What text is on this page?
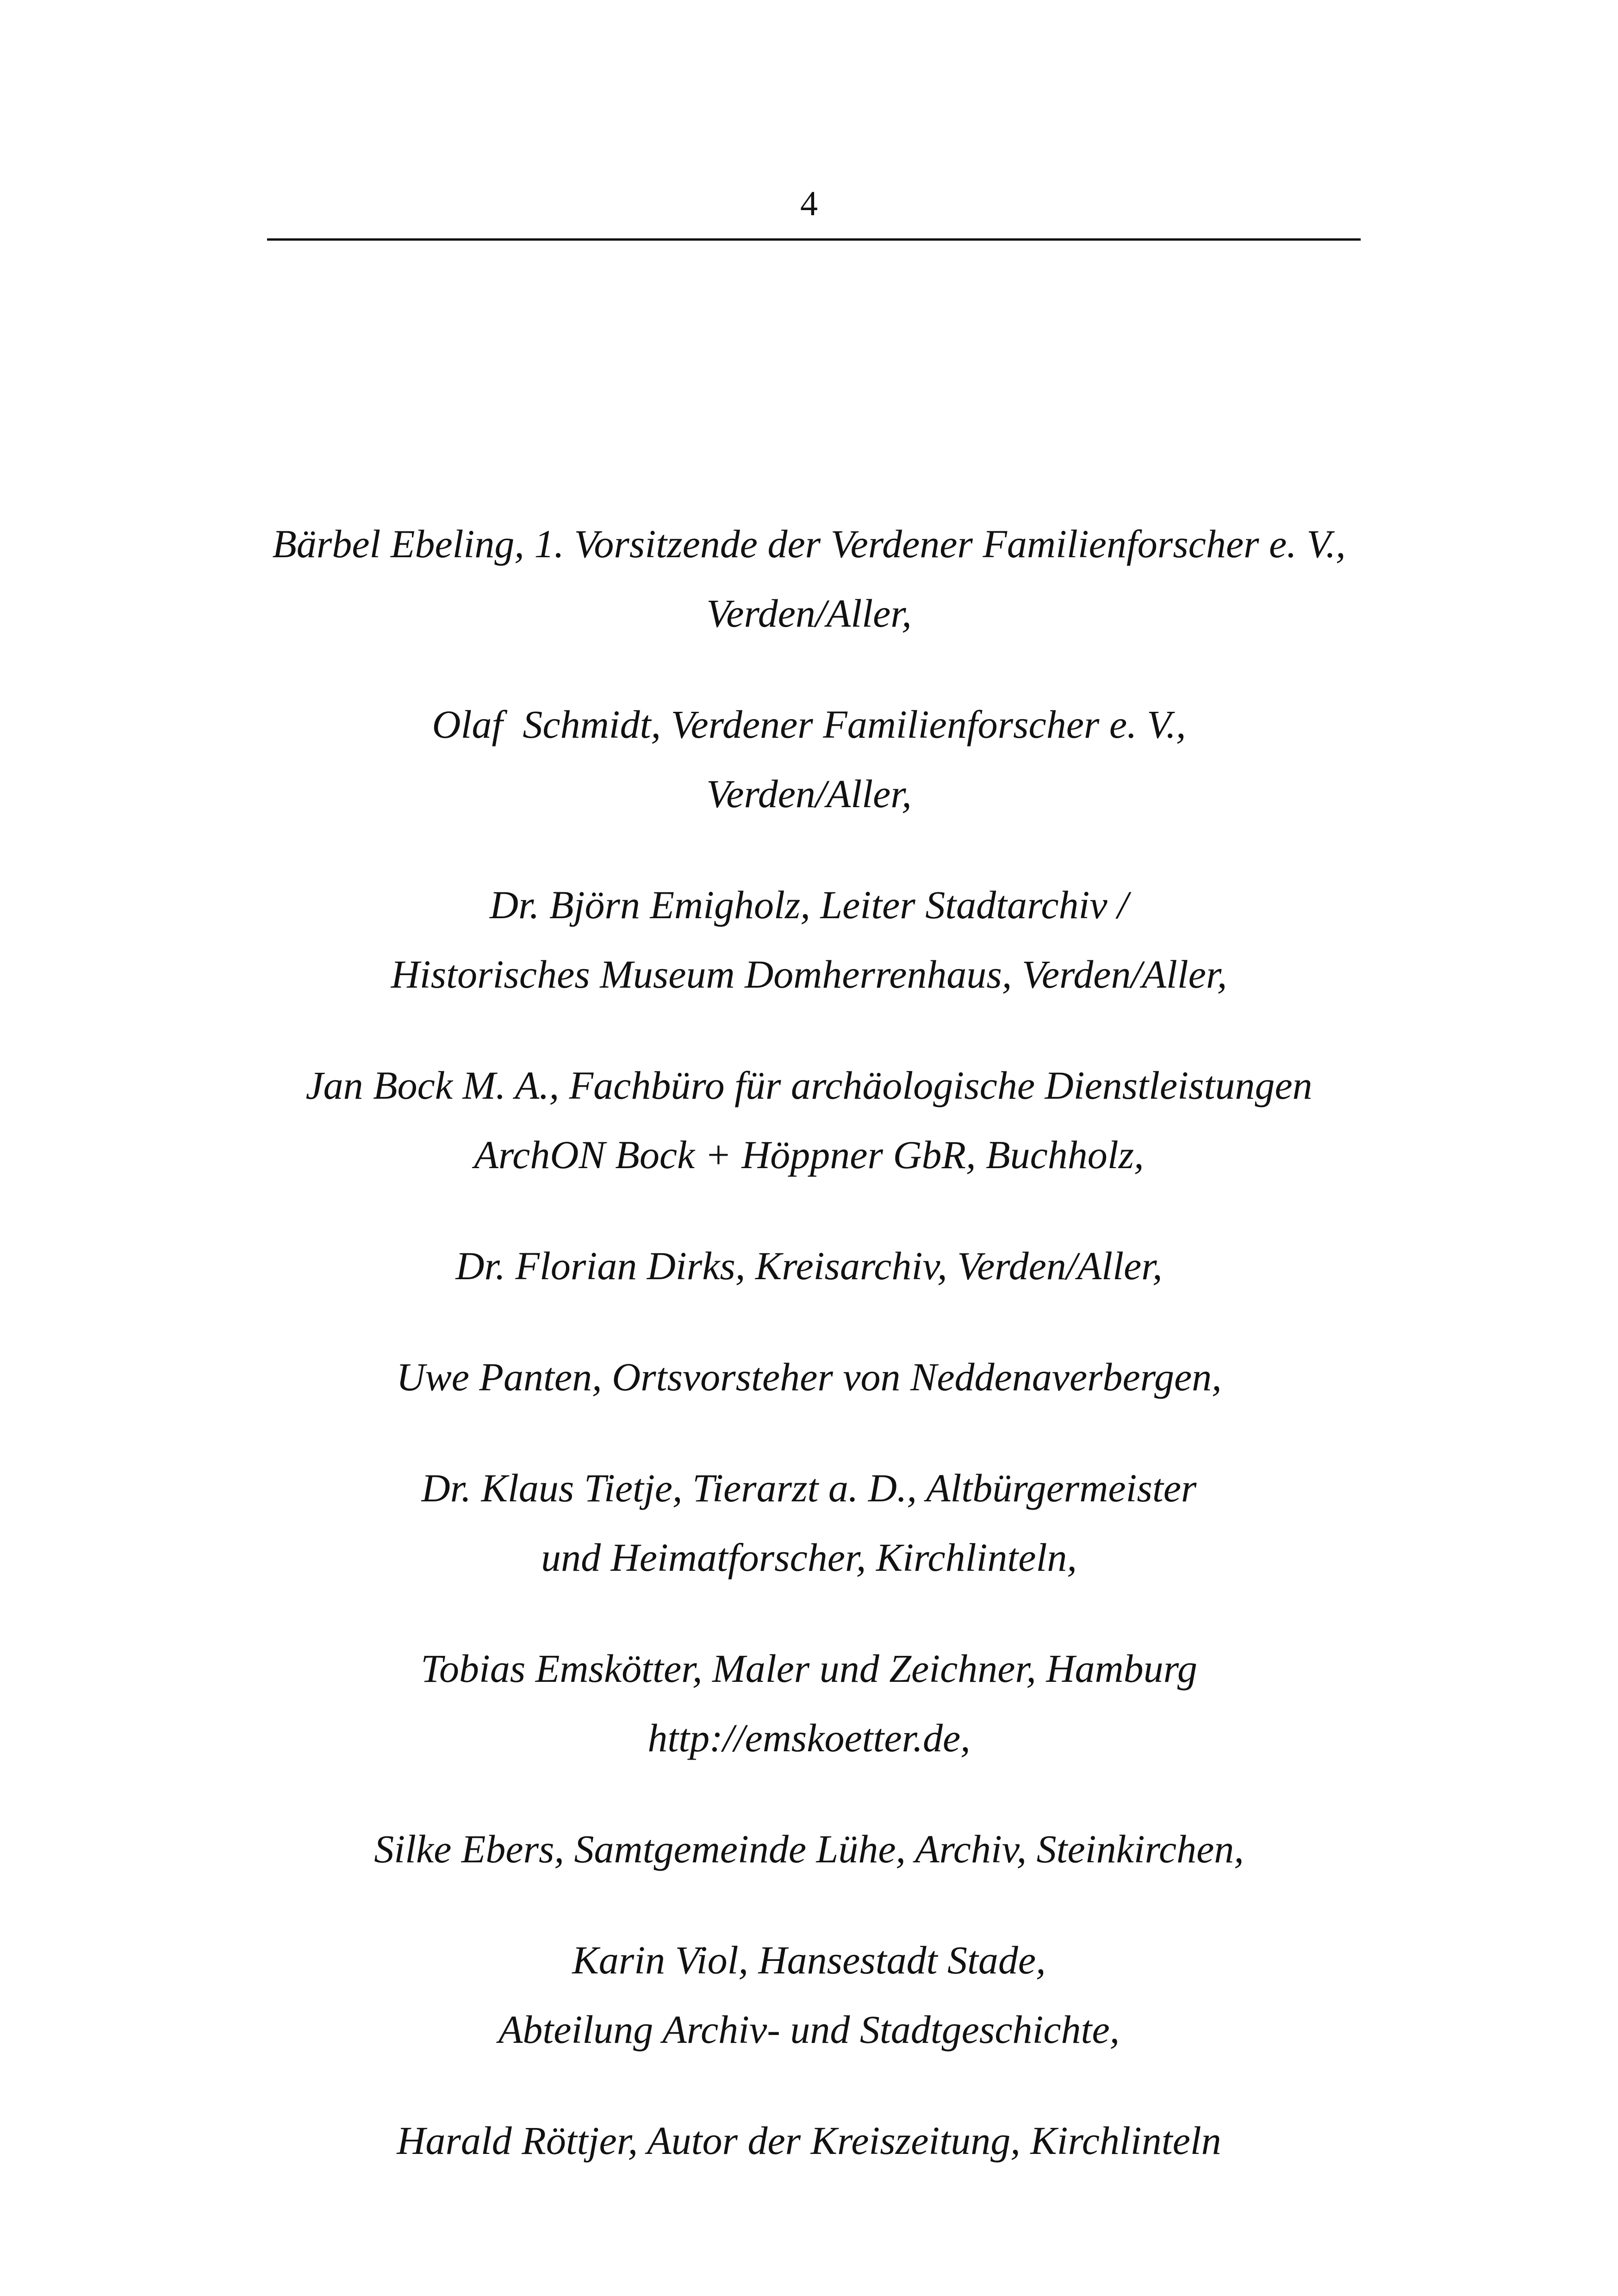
4
Bärbel Ebeling, 1. Vorsitzende der Verdener Familienforscher e. V.,
Verden/Aller,
Olaf  Schmidt, Verdener Familienforscher e. V.,
Verden/Aller,
Dr. Björn Emigholz, Leiter Stadtarchiv /
Historisches Museum Domherrenhaus, Verden/Aller,
Jan Bock M. A., Fachbüro für archäologische Dienstleistungen
ArchON Bock + Höppner GbR, Buchholz,
Dr. Florian Dirks, Kreisarchiv, Verden/Aller,
Uwe Panten, Ortsvorsteher von Neddenaverbergen,
Dr. Klaus Tietje, Tierarzt a. D., Altbürgermeister
und Heimatforscher, Kirchlinteln,
Tobias Emskötter, Maler und Zeichner, Hamburg
http://emskoetter.de,
Silke Ebers, Samtgemeinde Lühe, Archiv, Steinkirchen,
Karin Viol, Hansestadt Stade,
Abteilung Archiv- und Stadtgeschichte,
Harald Röttjer, Autor der Kreiszeitung, Kirchlinteln
